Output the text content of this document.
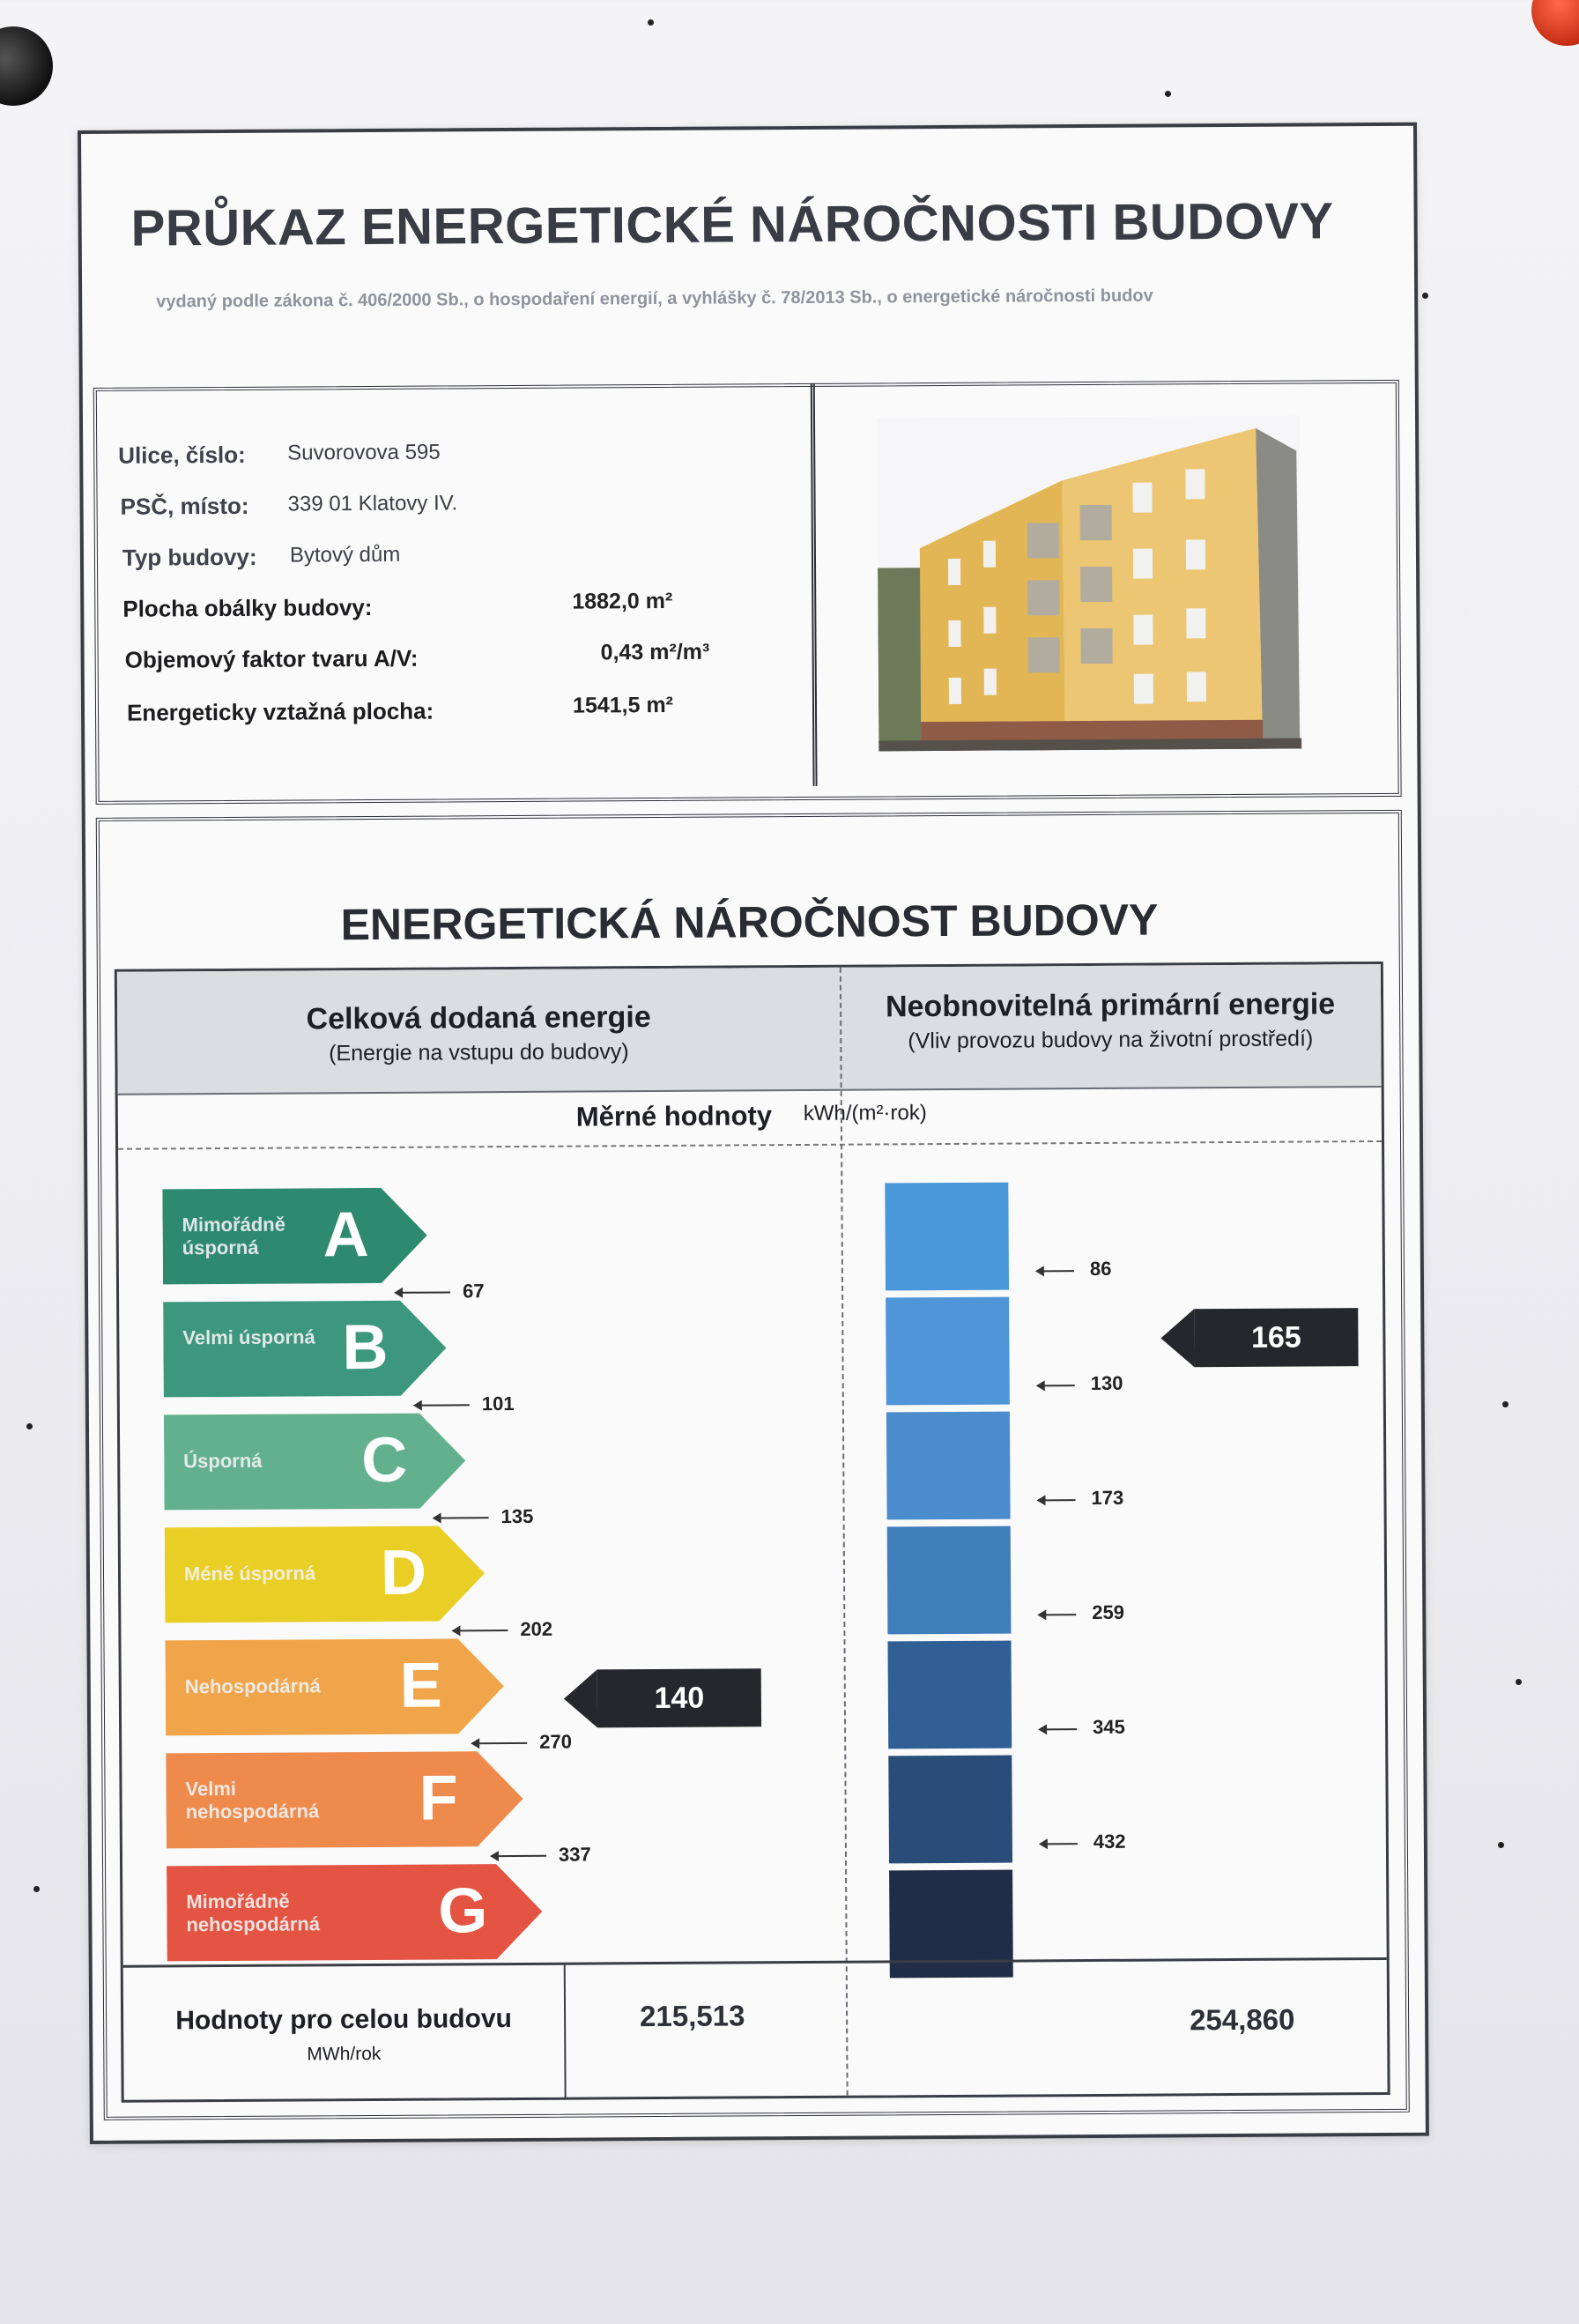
PRŮKAZ ENERGETICKÉ NÁROČNOSTI BUDOVY
vydaný podle zákona č. 406/2000 Sb., o hospodaření energií, a vyhlášky č. 78/2013 Sb., o energetické náročnosti budov
Ulice, číslo: Suvorovova 595
PSČ, místo: 339 01 Klatovy IV.
Typ budovy: Bytový dům
Plocha obálky budovy:	1882,0 m²
Objemový faktor tvaru A/V:	0,43 m²/m³
Energeticky vztažná plocha:	1541,5 m²
ENERGETICKÁ NÁROČNOST BUDOVY
Celková dodaná energie
(Energie na vstupu do budovy)
Neobnovitelná primární energie
(Vliv provozu budovy na životní prostředí)
Měrné hodnoty kWh/(m²·rok)
Mimořádně úsporná	A
67
Velmi úsporná B
101
Úsporná	C
135
Méně úsporná	D
202
Nehospodárná	E
270
Velmi nehospodárná	F
337
Mimořádně nehospodárná	G
140
86
130
173
259
345
432
165
Hodnoty pro celou budovu
MWh/rok
215,513	254,860
